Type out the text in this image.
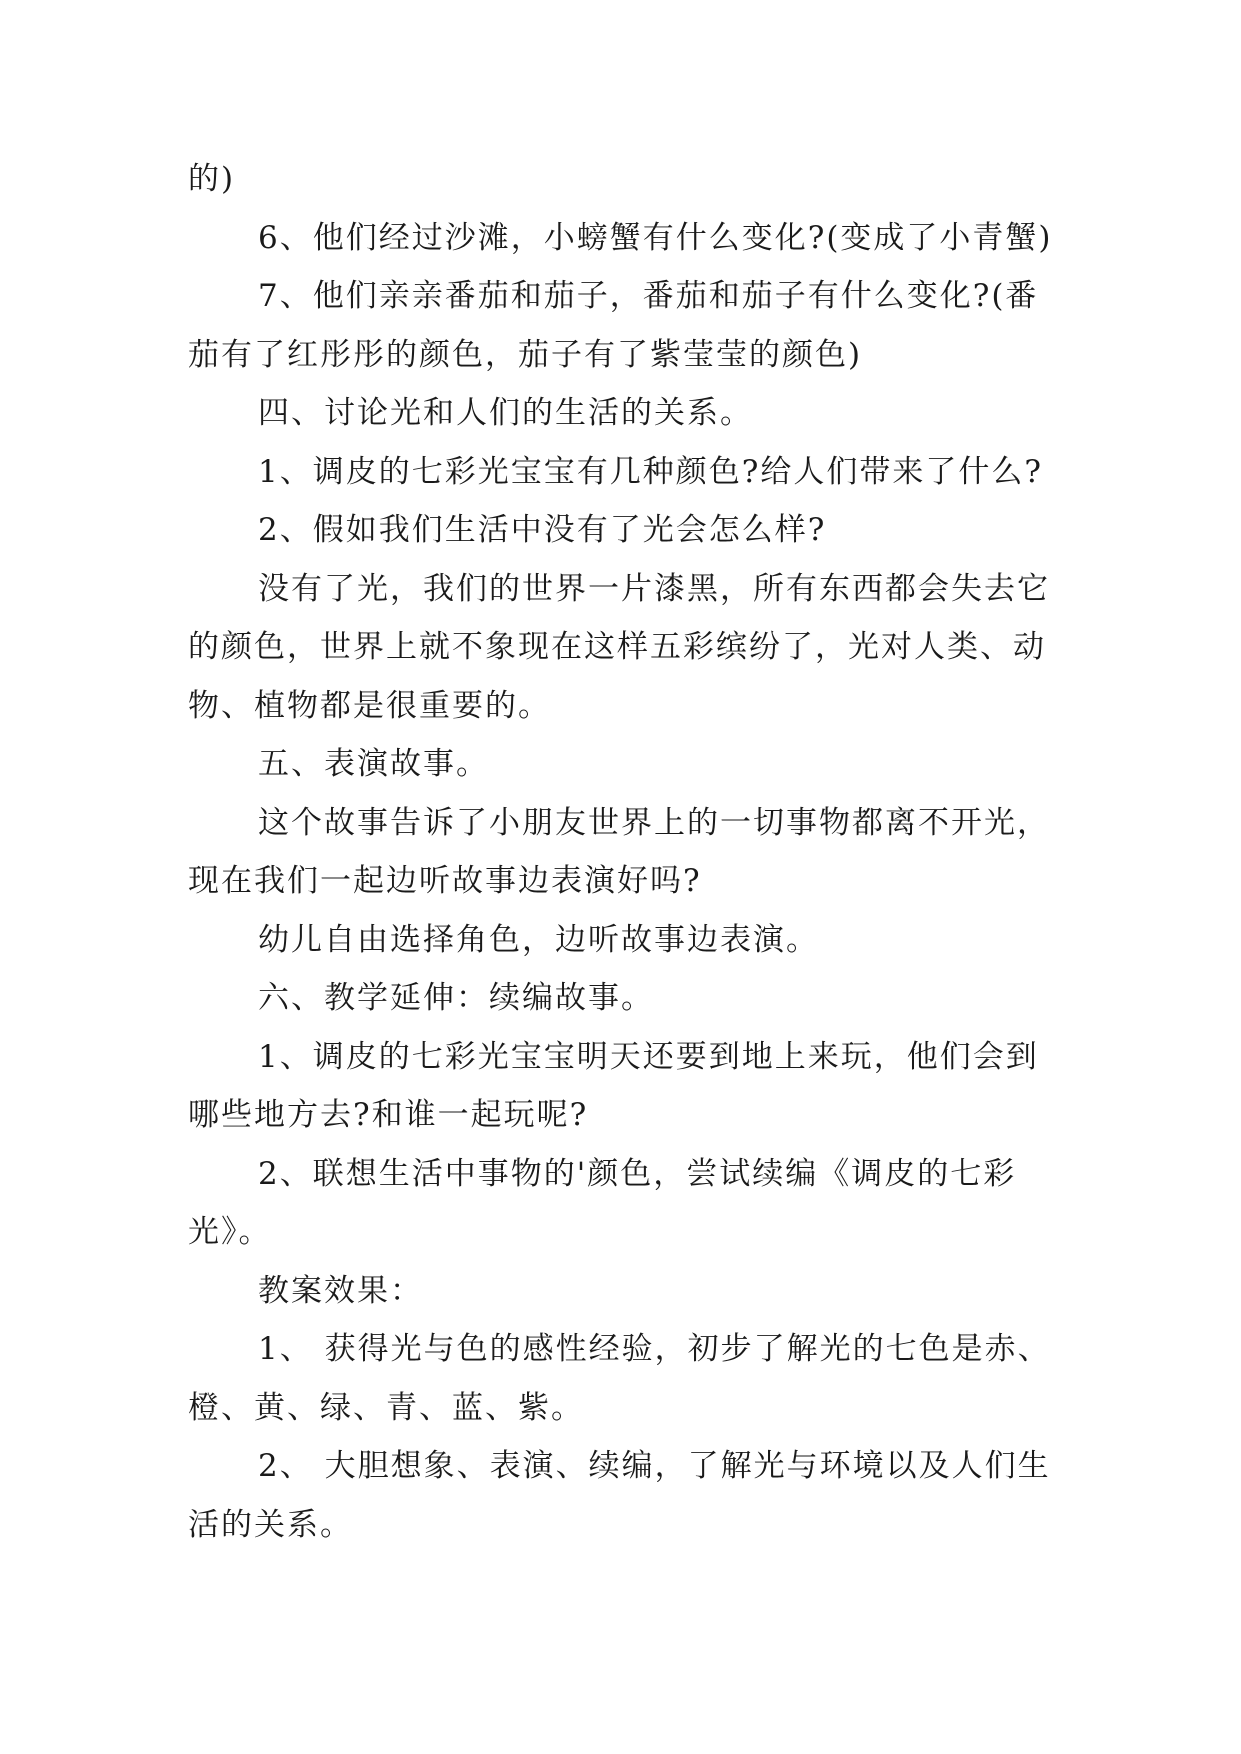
的)

6、他们经过沙滩，小螃蟹有什么变化?(变成了小青蟹)

7、他们亲亲番茄和茄子，番茄和茄子有什么变化?(番

茄有了红彤彤的颜色，茄子有了紫莹莹的颜色)

四、讨论光和人们的生活的关系。

1、调皮的七彩光宝宝有几种颜色?给人们带来了什么?

2、假如我们生活中没有了光会怎么样?

没有了光，我们的世界一片漆黑，所有东西都会失去它

的颜色，世界上就不象现在这样五彩缤纷了，光对人类、动

物、植物都是很重要的。

五、表演故事。

这个故事告诉了小朋友世界上的一切事物都离不开光，

现在我们一起边听故事边表演好吗?

幼儿自由选择角色，边听故事边表演。

六、教学延伸：续编故事。

1、调皮的七彩光宝宝明天还要到地上来玩，他们会到

哪些地方去?和谁一起玩呢?

2、联想生活中事物的'颜色，尝试续编《调皮的七彩

光》。

教案效果：

1、 获得光与色的感性经验，初步了解光的七色是赤、

橙、黄、绿、青、蓝、紫。

2、 大胆想象、表演、续编，了解光与环境以及人们生

活的关系。
